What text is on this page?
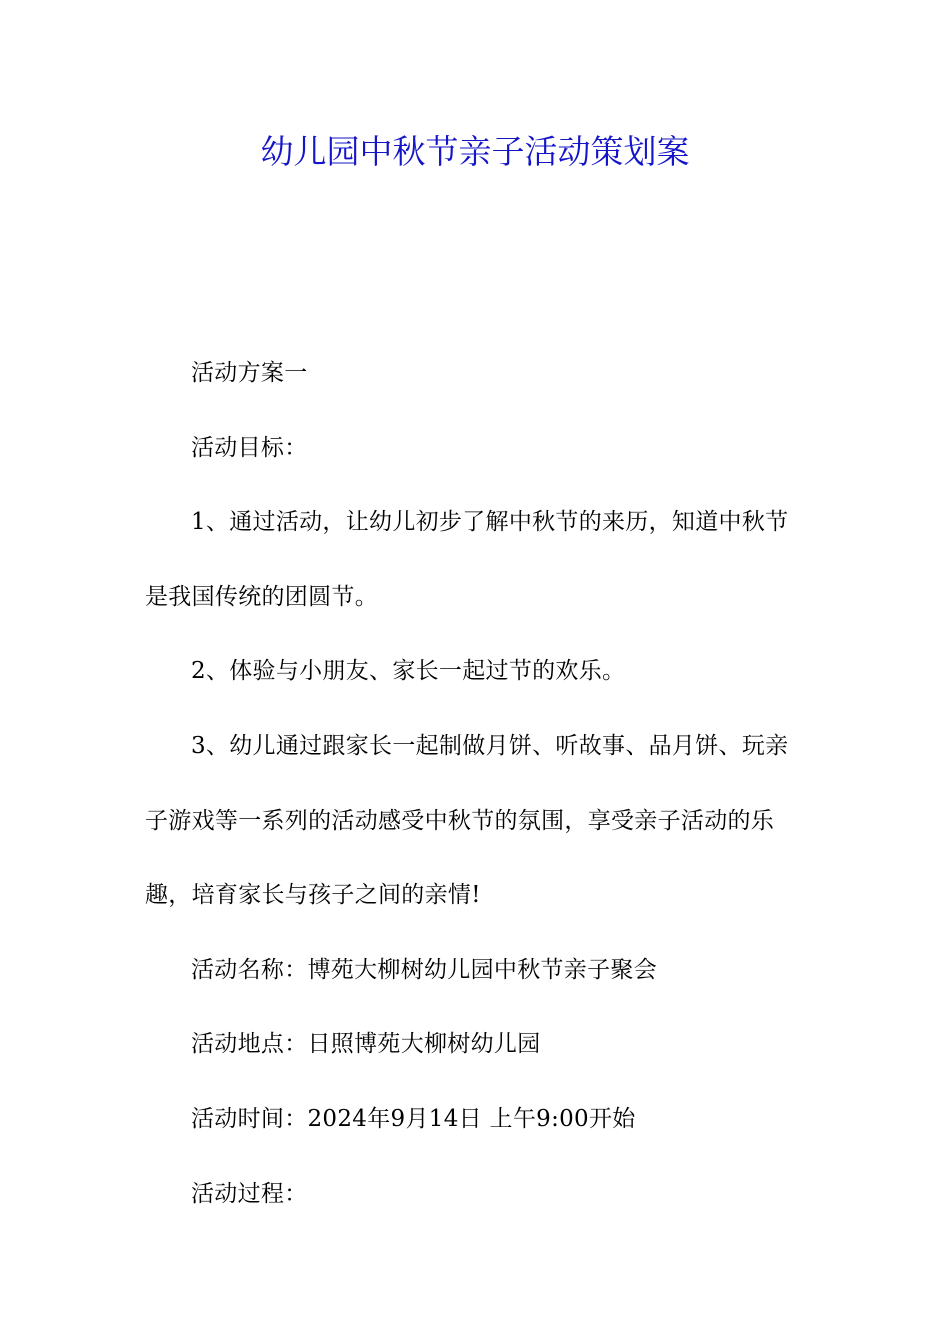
幼儿园中秋节亲子活动策划案

活动方案一

活动目标：

1、通过活动，让幼儿初步了解中秋节的来历，知道中秋节是我国传统的团圆节。

2、体验与小朋友、家长一起过节的欢乐。

3、幼儿通过跟家长一起制做月饼、听故事、品月饼、玩亲子游戏等一系列的活动感受中秋节的氛围，享受亲子活动的乐趣，培育家长与孩子之间的亲情!

活动名称：博苑大柳树幼儿园中秋节亲子聚会

活动地点：日照博苑大柳树幼儿园

活动时间：2024年9月14日 上午9:00开始

活动过程：
